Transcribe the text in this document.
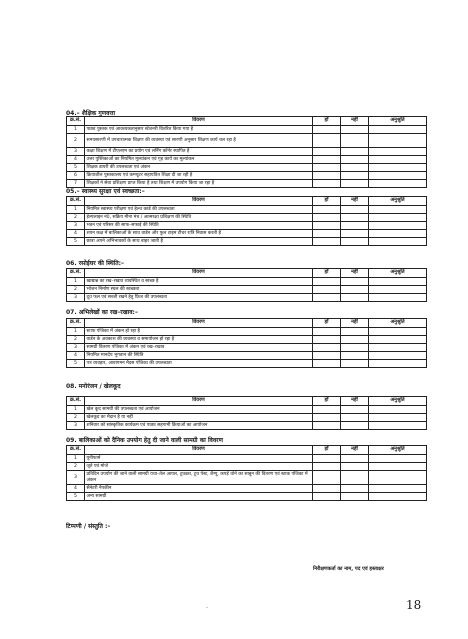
04.– शैक्षिक गुणवत्ता
क्र.सं.	विवरण	हाँ	नहीं	अनुश्रुति
1	पाठ्य पुस्तक एवं आवश्यकतानुसार स्टेशनरी वितरित किया गया है			
2	समयसारणी में उपचारात्मक शिक्षण की व्यवस्था एवं सारणी अनुसार शिक्षण कार्य चल रहा है			
3	कक्षा शिक्षण में टीएलएम का प्रयोग एवं लर्निंग कॉर्नर स्थापित है			
4	उत्तर पुस्तिकाओं का नियमित मूल्यांकन एवं गृह कार्य का मूल्यांकन			
5	शिक्षक डायरी की उपलब्धता एवं अंकन			
6	क्रियाशील पुस्तकालय एवं कम्प्यूटर सहायतित शिक्षा दी जा रही है			
7	शिक्षकों ने सेवा प्रशिक्षण प्राप्त किया है तथा शिक्षण में उपयोग किया जा रहा है			
05.– स्वास्थ्य सुरक्षा एवं स्वच्छता:–
क्र.सं.	विवरण	हाँ	नहीं	अनुश्रुति
1	नियमित स्वास्थ्य परीक्षण एवं हेल्थ कार्ड की उपलब्धता			
2	हेल्पलाइन नं0, सक्रिय मीना मंच / आत्मरक्षा प्रशिक्षण की स्थिति			
3	भवन एवं परिसर की साफ–सफाई की स्थिति			
4	शयन कक्ष में बालिकाओं के साथ वार्डन और फुल टाइम टीचर रात्रि निवास करती है			
5	छात्रा अपने अभिभावकों के साथ बाहर जाती है			
06. रसोईघर की स्थिति:–
क्र.सं.	विवरण	हाँ	नहीं	अनुश्रुति
1	खाद्यान्न का रख–रखाव व्यवस्थित व स्वच्छ है			
2	भोजन निर्माण स्थल की स्वच्छता			
3	दूध फल एवं सब्जी रखने हेतु फ्रिज की उपलब्धता			
07. अभिलेखों का रख–रखाव:–
क्र.सं.	विवरण	हाँ	नहीं	अनुश्रुति
1	स्टाफ पंजिका में अंकन हो रहा है			
2	वार्डन के अवकाश की व्यवस्था व समायोजन हो रहा है			
3	सामग्री वितरण पंजिका में अंकन एवं रख–रखाव			
4	नियमित मानदेय भुगतान की स्थिति			
5	पत्र व्यवहार, आवागमन मैदस पंजिका की उपलब्धता			
08. मनोरंजन / खेलकूद
क्र.सं.	विवरण	हाँ	नहीं	अनुश्रुति
1	खेल कूद सामग्री की उपलब्धता एवं आयोजन			
2	खेलकूद का मैदान है या नहीं			
3	शनिवार को सांस्कृतिक कार्यक्रम एवं पाठ्य सहगामी क्रियाओं का आयोजन			
09. बालिकाओं को दैनिक उपयोग हेतु दी जाने वाली सामग्री का विवरण
क्र.सं.	विवरण	हाँ	नहीं	अनुश्रुति
1	यूनीफार्म			
2	जूते एवं मोजे			
3	प्रतिदिन उपयोग की जाने वाली सामग्री यथा–तेल आयल, टूथब्रश, टूथ पेस्ट, शैम्पू, कपड़े धोने का साबुन की वितरण एवं स्टाक पंजिका में अंकन			
4	सैनेटरी नैपकीन			
5	अन्य सामग्री			
टिप्पणी / संस्तुति :–
निरीक्षणकर्ता का नाम, पद एवं हस्ताक्षर
·	18
